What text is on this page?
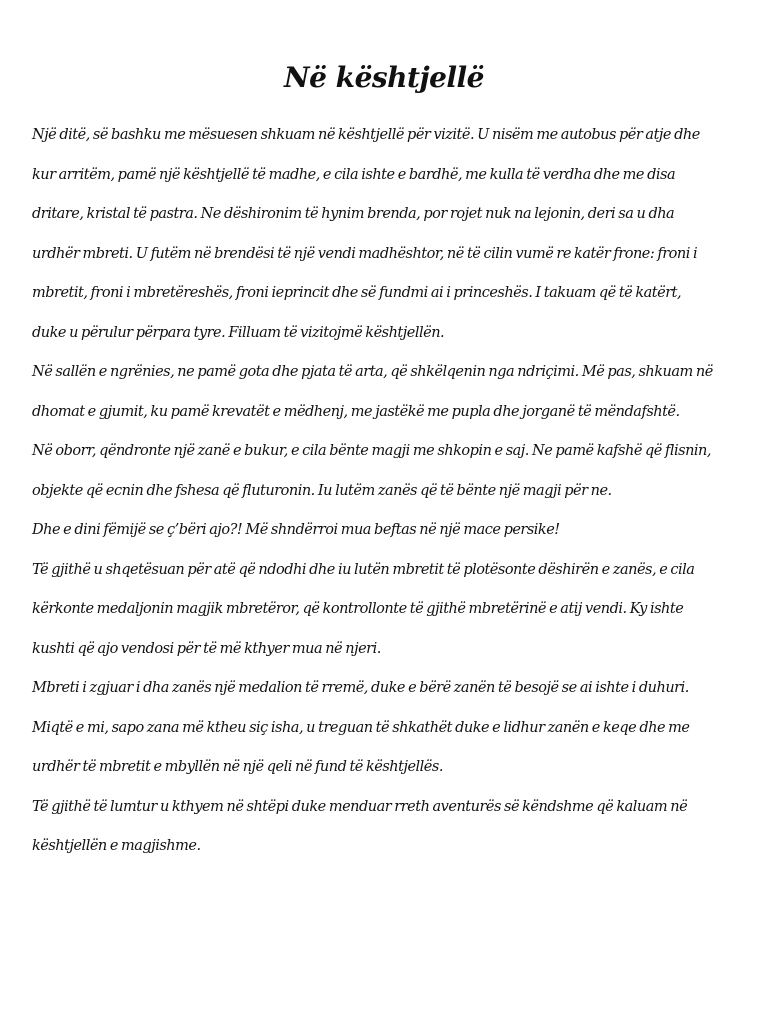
Në kështjellë

Një ditë, së bashku me mësuesen shkuam në kështjellë për vizitë. U nisëm me autobus për atje dhe
kur arritëm, pamë një kështjellë të madhe, e cila ishte e bardhë, me kulla të verdha dhe me disa
dritare, kristal të pastra. Ne dëshironim të hynim brenda, por rojet nuk na lejonin, deri sa u dha
urdhër mbreti. U futëm në brendësi të një vendi madhështor, në të cilin vumë re katër frone: froni i
mbretit, froni i mbretëreshës, froni ieprincit dhe së fundmi ai i princeshës. I takuam që të katërt,
duke u përulur përpara tyre. Filluam të vizitojmë kështjellën.

Në sallën e ngrënies, ne pamë gota dhe pjata të arta, që shkëlqenin nga ndriçimi. Më pas, shkuam në
dhomat e gjumit, ku pamë krevatët e mëdhenj, me jastëkë me pupla dhe jorganë të mëndafshtë.

Në oborr, qëndronte një zanë e bukur, e cila bënte magji me shkopin e saj. Ne pamë kafshë që flisnin,
objekte që ecnin dhe fshesa që fluturonin. Iu lutëm zanës që të bënte një magji për ne.

Dhe e dini fëmijë se ç’bëri ajo?! Më shndërroi mua beftas në një mace persike!

Të gjithë u shqetësuan për atë që ndodhi dhe iu lutën mbretit të plotësonte dëshirën e zanës, e cila
kërkonte medaljonin magjik mbretëror, që kontrollonte të gjithë mbretërinë e atij vendi. Ky ishte
kushti që ajo vendosi për të më kthyer mua në njeri.

Mbreti i zgjuar i dha zanës një medalion të rremë, duke e bërë zanën të besojë se ai ishte i duhuri.
Miqtë e mi, sapo zana më ktheu siç isha, u treguan të shkathët duke e lidhur zanën e keqe dhe me
urdhër të mbretit e mbyllën në një qeli në fund të kështjellës.

Të gjithë të lumtur u kthyem në shtëpi duke menduar rreth aventurës së këndshme që kaluam në
kështjellën e magjishme.
